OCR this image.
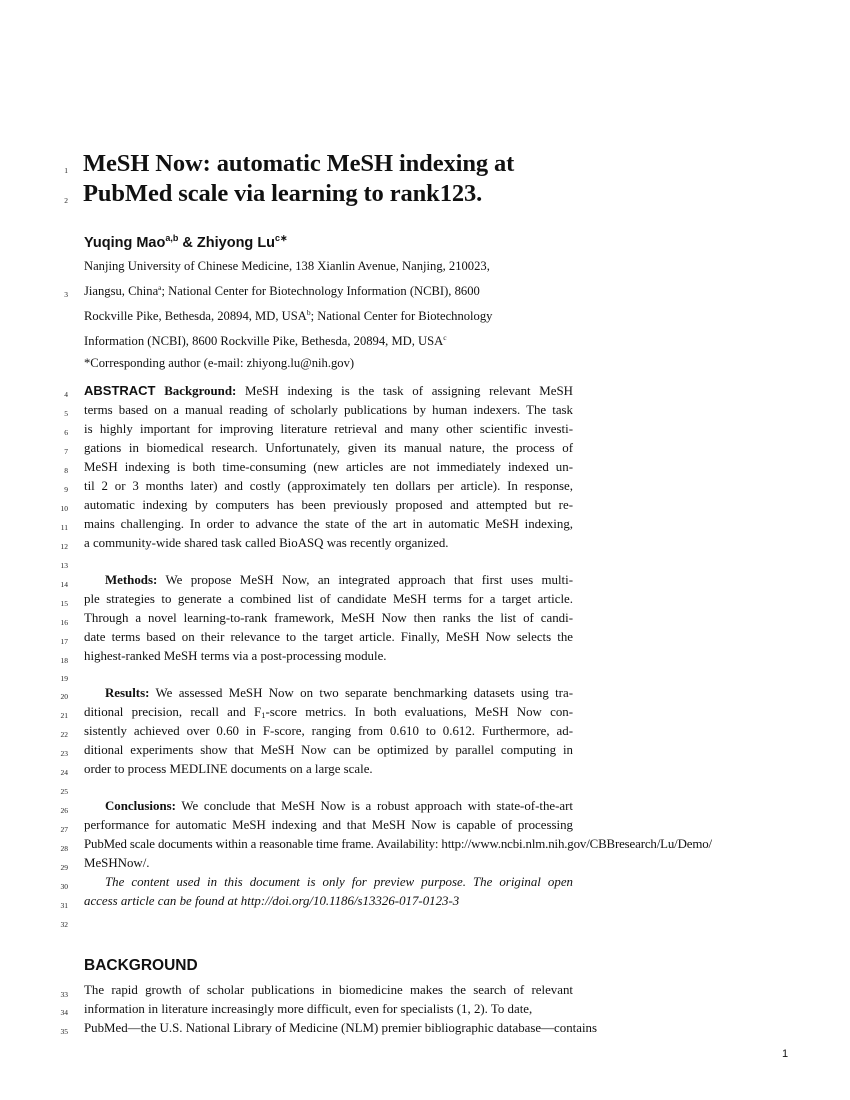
1
2
3
4
5
6
7
8
9
10
11
12
13
14
15
16
17
18
19
20
21
22
23
24
25
26
27
28
29
30
31
32
33
34
35
MeSH Now: automatic MeSH indexing at
PubMed scale via learning to rank123.
Yuqing Mao$^{a,b}$ & Zhiyong $Lu^{c∗}$
Nanjing University of Chinese Medicine, 138 Xianlin Avenue, Nanjing, 210023,
Jiangsu, China$^a$; National Center for Biotechnology Information (NCBI), 8600
Rockville Pike, Bethesda, 20894, MD, USA$^b$; National Center for Biotechnology
Information (NCBI), 8600 Rockville Pike, Bethesda, 20894, MD, USA$^c$
*Corresponding author (e-mail: zhiyong.lu@nih.gov)
ABSTRACT Background: MeSH indexing is the task of assigning relevant MeSH
terms based on a manual reading of scholarly publications by human indexers. The task
is highly important for improving literature retrieval and many other scientific investi-
gations in biomedical research. Unfortunately, given its manual nature, the process of
MeSH indexing is both time-consuming (new articles are not immediately indexed un-
til 2 or 3 months later) and costly (approximately ten dollars per article). In response,
automatic indexing by computers has been previously proposed and attempted but re-
mains challenging. In order to advance the state of the art in automatic MeSH indexing,
a community-wide shared task called BioASQ was recently organized.
Methods: We propose MeSH Now, an integrated approach that first uses multi-
ple strategies to generate a combined list of candidate MeSH terms for a target article.
Through a novel learning-to-rank framework, MeSH Now then ranks the list of candi-
date terms based on their relevance to the target article. Finally, MeSH Now selects the
highest-ranked MeSH terms via a post-processing module.
Results: We assessed MeSH Now on two separate benchmarking datasets using tra-
ditional precision, recall and $F_1$-score metrics. In both evaluations, MeSH Now con-
sistently achieved over 0.60 in F-score, ranging from 0.610 to 0.612. Furthermore, ad-
ditional experiments show that MeSH Now can be optimized by parallel computing in
order to process MEDLINE documents on a large scale.
Conclusions: We conclude that MeSH Now is a robust approach with state-of-the-art
performance for automatic MeSH indexing and that MeSH Now is capable of processing
PubMed scale documents within a reasonable time frame. Availability: http://www.ncbi.nlm.nih.gov/CBBresearch/Lu/Demo/
MeSHNow/.
The content used in this document is only for preview purpose. The original open
access article can be found at http://doi.org/10.1186/s13326-017-0123-3
BACKGROUND
The rapid growth of scholar publications in biomedicine makes the search of relevant
information in literature increasingly more difficult, even for specialists (1, 2). To date,
PubMed—the U.S. National Library of Medicine (NLM) premier bibliographic database—contains
1
